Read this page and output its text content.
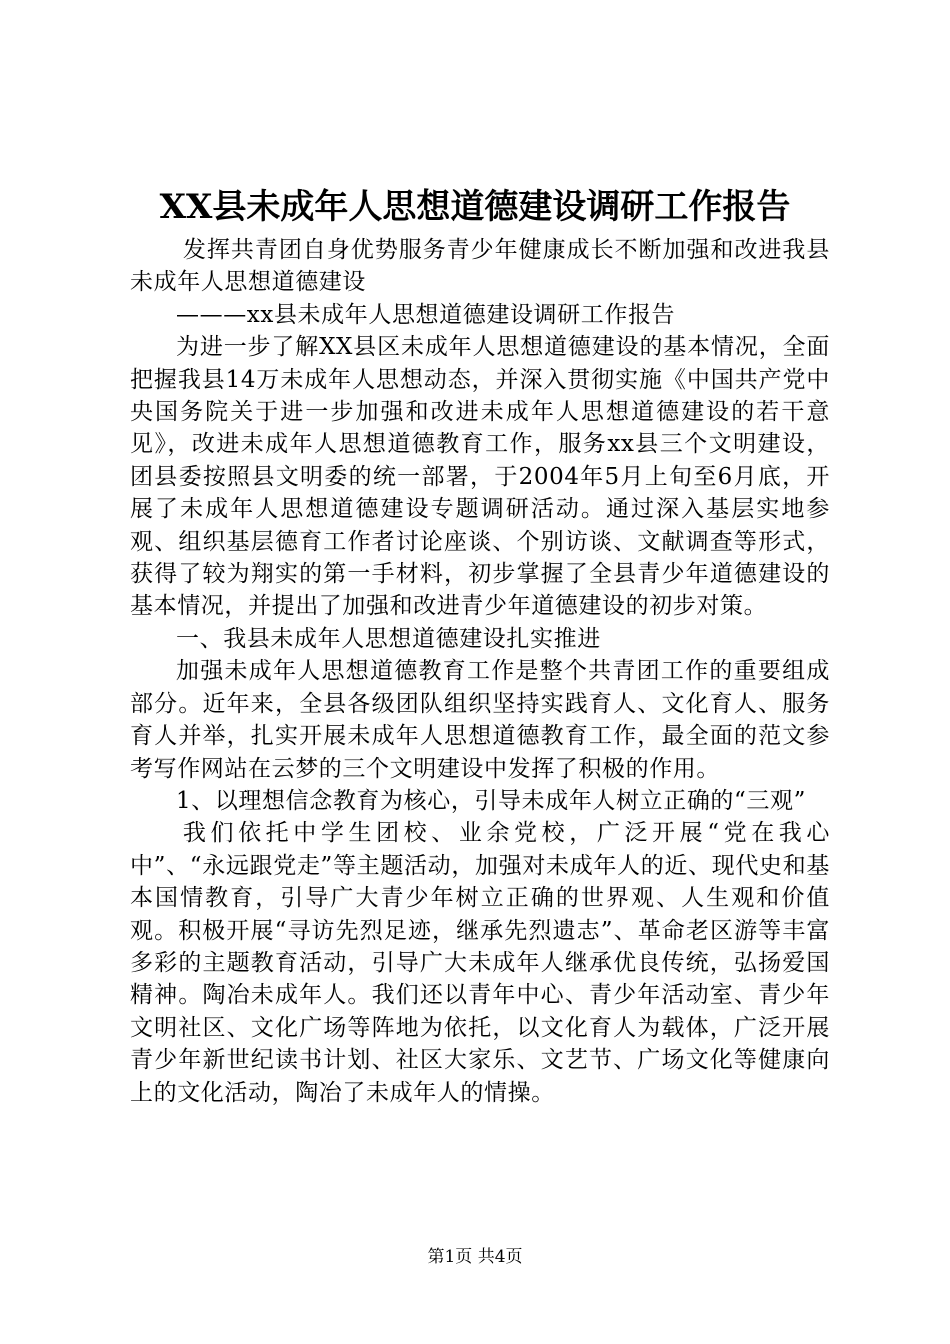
XX县未成年人思想道德建设调研工作报告

发挥共青团自身优势服务青少年健康成长不断加强和改进我县未成年人思想道德建设

———xx县未成年人思想道德建设调研工作报告

为进一步了解XX县区未成年人思想道德建设的基本情况，全面把握我县14万未成年人思想动态，并深入贯彻实施《中国共产党中央国务院关于进一步加强和改进未成年人思想道德建设的若干意见》，改进未成年人思想道德教育工作，服务xx县三个文明建设，团县委按照县文明委的统一部署，于2004年5月上旬至6月底，开展了未成年人思想道德建设专题调研活动。通过深入基层实地参观、组织基层德育工作者讨论座谈、个别访谈、文献调查等形式，获得了较为翔实的第一手材料，初步掌握了全县青少年道德建设的基本情况，并提出了加强和改进青少年道德建设的初步对策。

一、我县未成年人思想道德建设扎实推进

加强未成年人思想道德教育工作是整个共青团工作的重要组成部分。近年来，全县各级团队组织坚持实践育人、文化育人、服务育人并举，扎实开展未成年人思想道德教育工作，最全面的范文参考写作网站在云梦的三个文明建设中发挥了积极的作用。

1、以理想信念教育为核心，引导未成年人树立正确的“三观”

我们依托中学生团校、业余党校，广泛开展“党在我心中”、“永远跟党走”等主题活动，加强对未成年人的近、现代史和基本国情教育，引导广大青少年树立正确的世界观、人生观和价值观。积极开展“寻访先烈足迹，继承先烈遗志”、革命老区游等丰富多彩的主题教育活动，引导广大未成年人继承优良传统，弘扬爱国精神。陶冶未成年人。我们还以青年中心、青少年活动室、青少年文明社区、文化广场等阵地为依托，以文化育人为载体，广泛开展青少年新世纪读书计划、社区大家乐、文艺节、广场文化等健康向上的文化活动，陶冶了未成年人的情操。

第1页 共4页
